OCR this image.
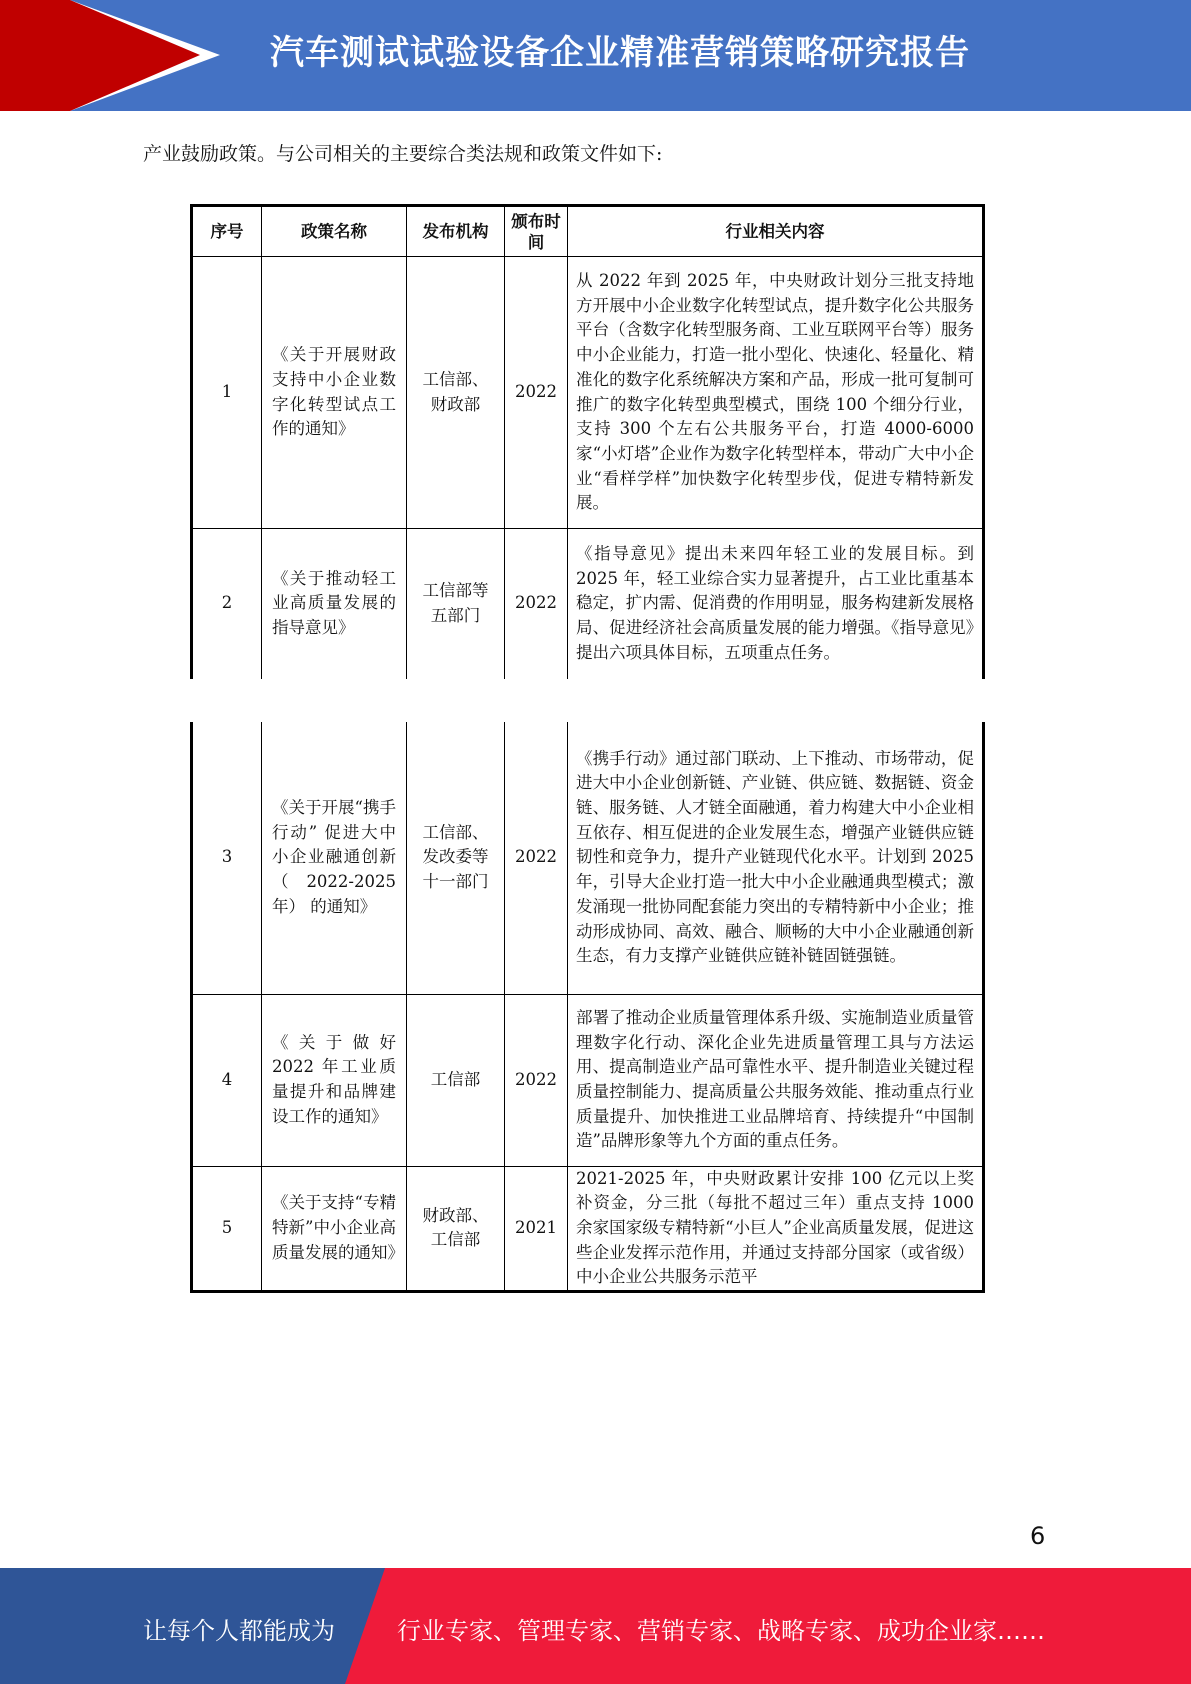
汽车测试试验设备企业精准营销策略研究报告
产业鼓励政策。与公司相关的主要综合类法规和政策文件如下:
序号	政策名称	发布机构	颁布时间	行业相关内容
1	《关于开展财政支持中小企业数字化转型试点工作的通知》	工信部、财政部	2022	从 2022 年到 2025 年，中央财政计划分三批支持地方开展中小企业数字化转型试点，提升数字化公共服务平台（含数字化转型服务商、工业互联网平台等）服务中小企业能力，打造一批小型化、快速化、轻量化、精准化的数字化系统解决方案和产品，形成一批可复制可推广的数字化转型典型模式，围绕 100 个细分行业，支持 300 个左右公共服务平台，打造 4000-6000 家“小灯塔”企业作为数字化转型样本，带动广大中小企业“看样学样”加快数字化转型步伐，促进专精特新发展。
2	《关于推动轻工业高质量发展的指导意见》	工信部等五部门	2022	《指导意见》提出未来四年轻工业的发展目标。到 2025 年，轻工业综合实力显著提升，占工业比重基本稳定，扩内需、促消费的作用明显，服务构建新发展格局、促进经济社会高质量发展的能力增强。《指导意见》提出六项具体目标，五项重点任务。
3	《关于开展“携手行动” 促进大中小企业融通创新（2022-2025年） 的通知》	工信部、发改委等十一部门	2022	《携手行动》通过部门联动、上下推动、市场带动，促进大中小企业创新链、产业链、供应链、数据链、资金链、服务链、人才链全面融通，着力构建大中小企业相互依存、相互促进的企业发展生态，增强产业链供应链韧性和竞争力，提升产业链现代化水平。计划到 2025 年，引导大企业打造一批大中小企业融通典型模式；激发涌现一批协同配套能力突出的专精特新中小企业；推动形成协同、高效、融合、顺畅的大中小企业融通创新生态，有力支撑产业链供应链补链固链强链。
4	《关于做好 2022 年工业质量提升和品牌建设工作的通知》	工信部	2022	部署了推动企业质量管理体系升级、实施制造业质量管理数字化行动、深化企业先进质量管理工具与方法运用、提高制造业产品可靠性水平、提升制造业关键过程质量控制能力、提高质量公共服务效能、推动重点行业质量提升、加快推进工业品牌培育、持续提升“中国制造”品牌形象等九个方面的重点任务。
5	《关于支持“专精特新”中小企业高质量发展的通知》	财政部、工信部	2021	2021-2025 年，中央财政累计安排 100 亿元以上奖补资金，分三批（每批不超过三年）重点支持 1000 余家国家级专精特新“小巨人”企业高质量发展，促进这些企业发挥示范作用，并通过支持部分国家（或省级）中小企业公共服务示范平
6
让每个人都能成为	行业专家、管理专家、营销专家、战略专家、成功企业家……
